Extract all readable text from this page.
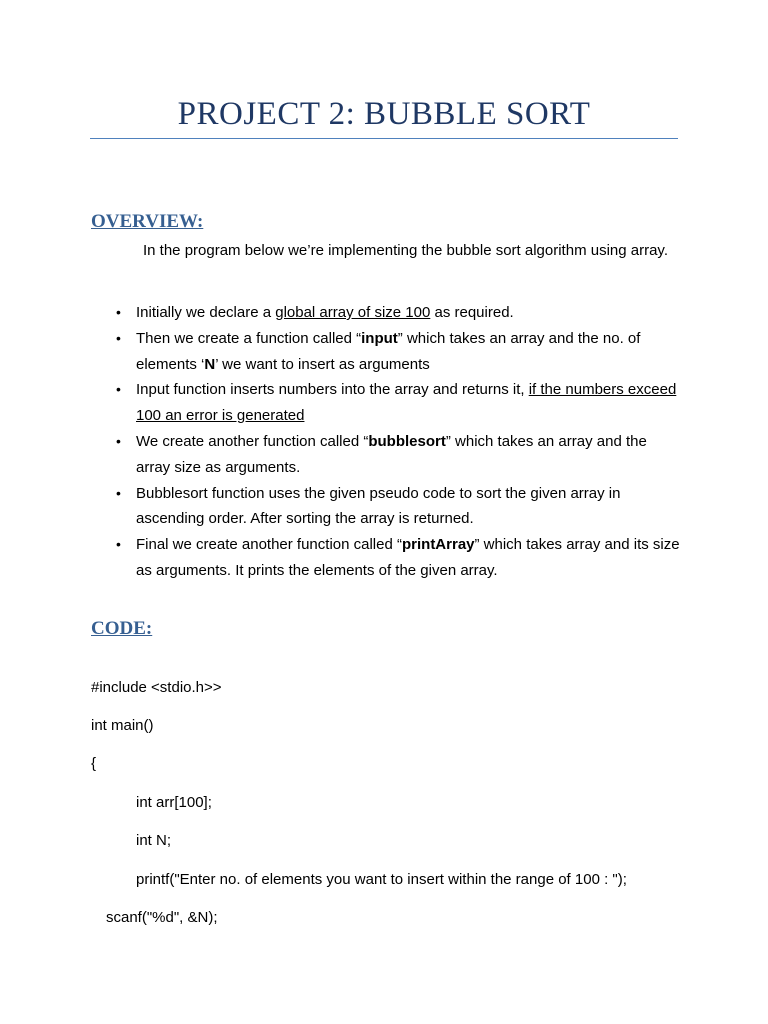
PROJECT 2: BUBBLE SORT
OVERVIEW:
In the program below we’re implementing the bubble sort algorithm using array.
• Initially we declare a global array of size 100 as required.
• Then we create a function called “input” which takes an array and the no. of elements ‘N’ we want to insert as arguments
• Input function inserts numbers into the array and returns it, if the numbers exceed 100 an error is generated
• We create another function called “bubblesort” which takes an array and the array size as arguments.
• Bubblesort function uses the given pseudo code to sort the given array in ascending order. After sorting the array is returned.
• Final we create another function called “printArray” which takes array and its size as arguments. It prints the elements of the given array.
CODE:
#include <stdio.h>>
int main()
{
int arr[100];
int N;
printf("Enter no. of elements you want to insert within the range of 100 : ");
scanf("%d", &N);
